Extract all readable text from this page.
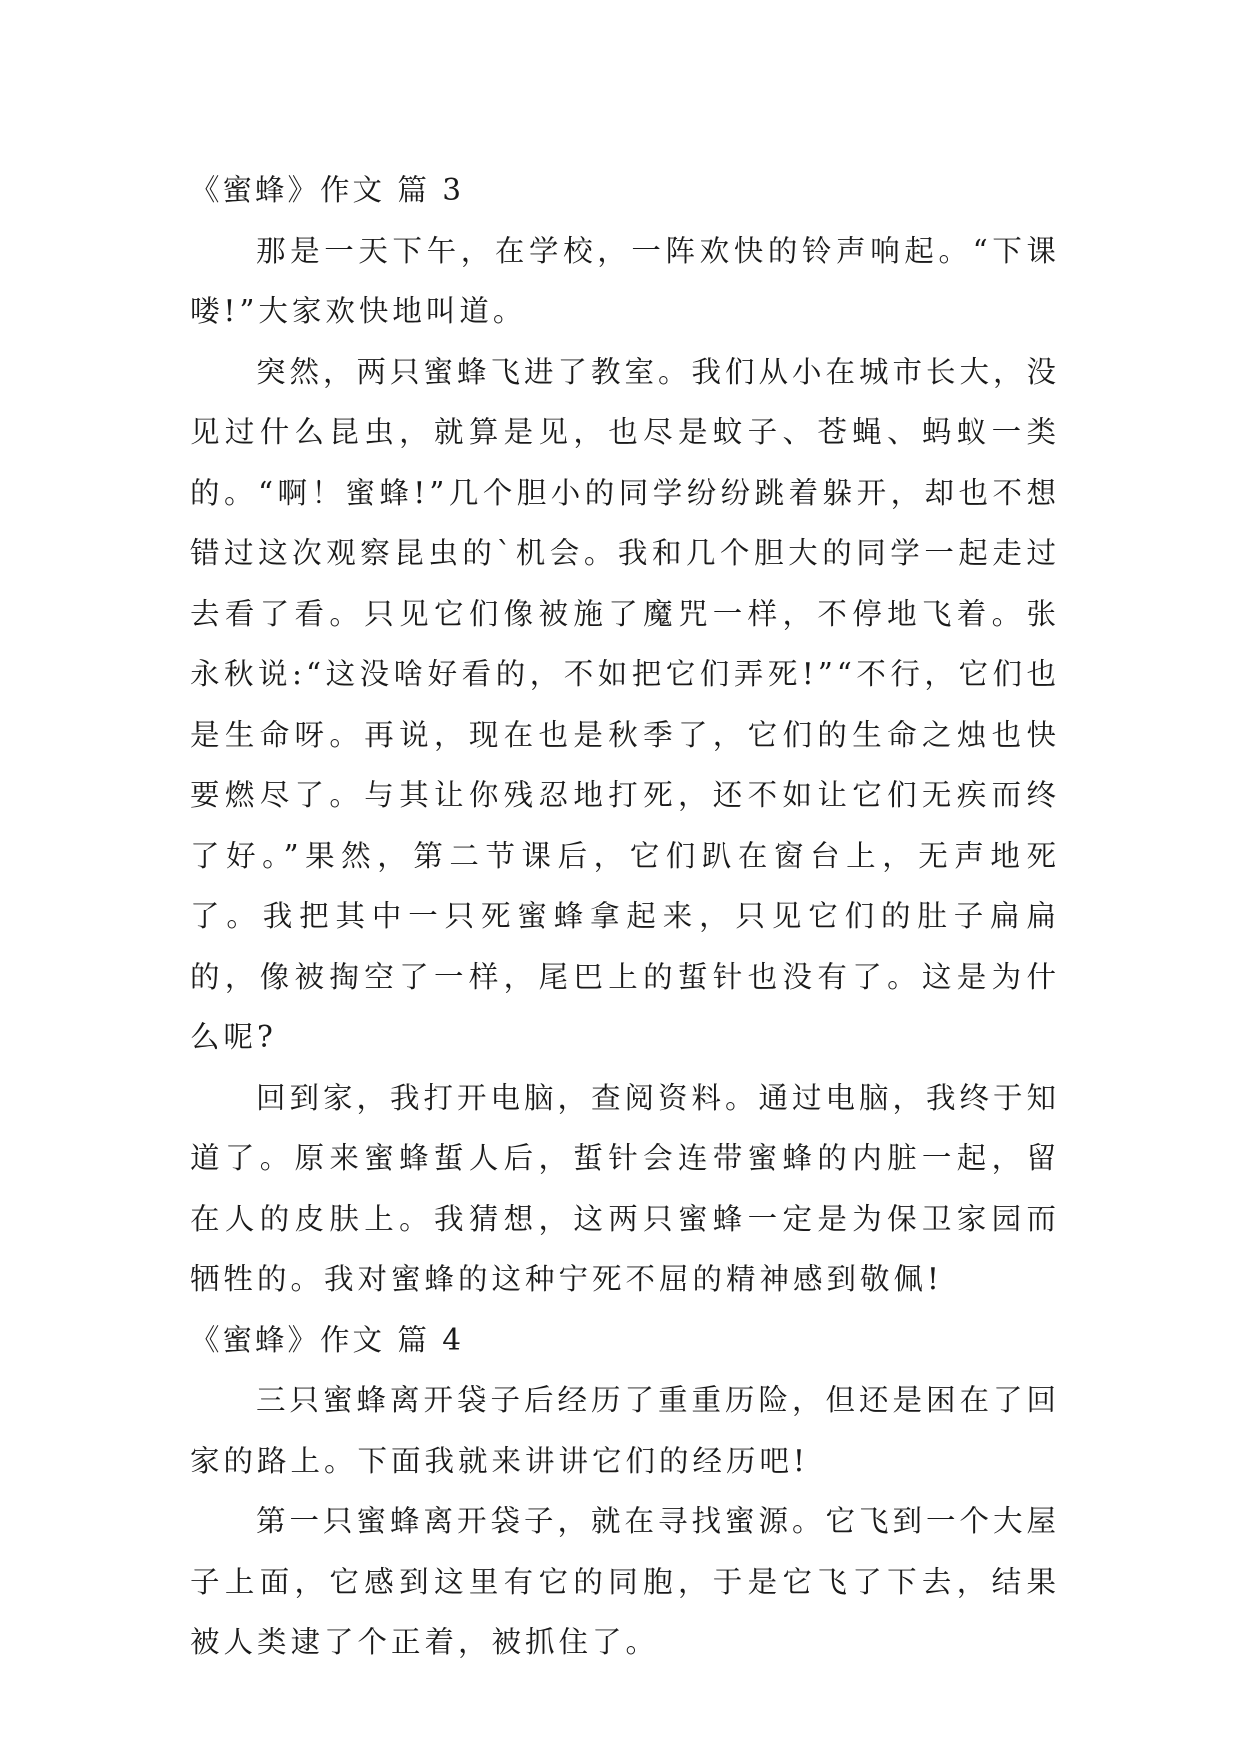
《蜜蜂》作文 篇 3

那是一天下午，在学校，一阵欢快的铃声响起。“下课喽!”大家欢快地叫道。

突然，两只蜜蜂飞进了教室。我们从小在城市长大，没见过什么昆虫，就算是见，也尽是蚊子、苍蝇、蚂蚁一类的。“啊！蜜蜂!”几个胆小的同学纷纷跳着躲开，却也不想错过这次观察昆虫的`机会。我和几个胆大的同学一起走过去看了看。只见它们像被施了魔咒一样，不停地飞着。张永秋说:“这没啥好看的，不如把它们弄死!”“不行，它们也是生命呀。再说，现在也是秋季了，它们的生命之烛也快要燃尽了。与其让你残忍地打死，还不如让它们无疾而终了好。”果然，第二节课后，它们趴在窗台上，无声地死了。我把其中一只死蜜蜂拿起来，只见它们的肚子扁扁的，像被掏空了一样，尾巴上的蜇针也没有了。这是为什么呢?

回到家，我打开电脑，查阅资料。通过电脑，我终于知道了。原来蜜蜂蜇人后，蜇针会连带蜜蜂的内脏一起，留在人的皮肤上。我猜想，这两只蜜蜂一定是为保卫家园而牺牲的。我对蜜蜂的这种宁死不屈的精神感到敬佩!

《蜜蜂》作文 篇 4

三只蜜蜂离开袋子后经历了重重历险，但还是困在了回家的路上。下面我就来讲讲它们的经历吧!

第一只蜜蜂离开袋子，就在寻找蜜源。它飞到一个大屋子上面，它感到这里有它的同胞，于是它飞了下去，结果被人类逮了个正着，被抓住了。
